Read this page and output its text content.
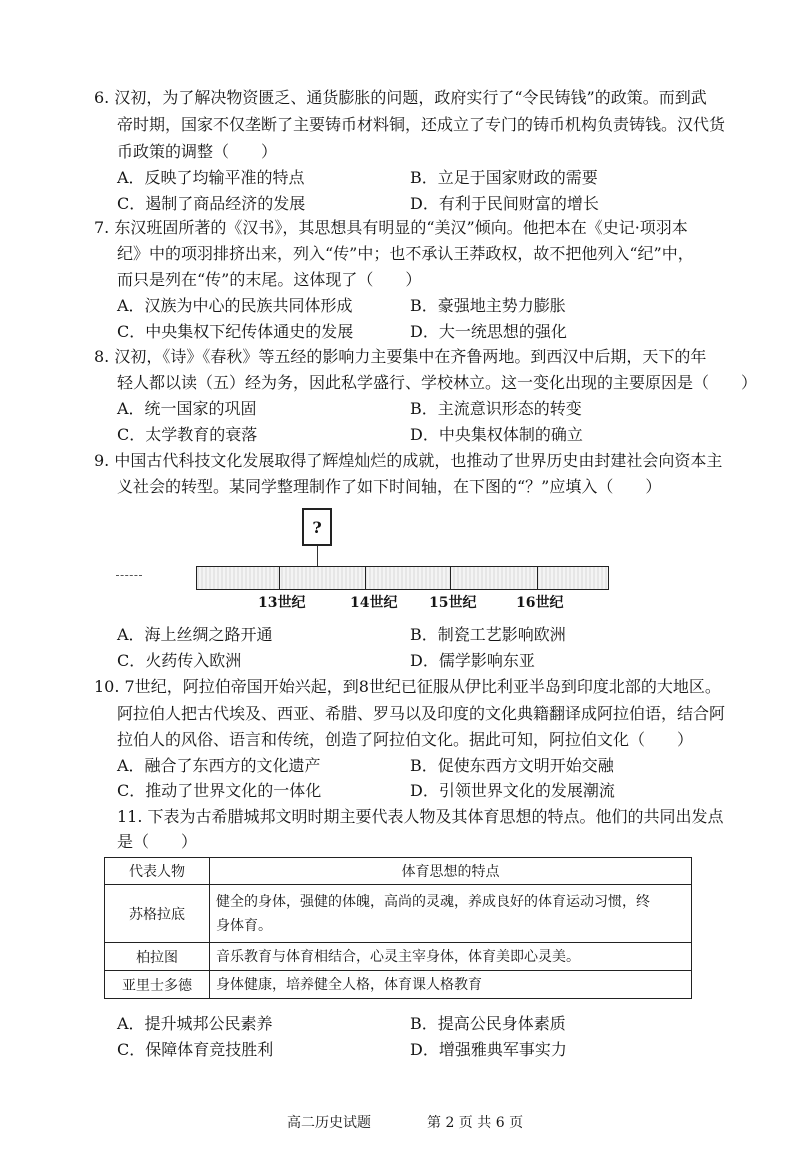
6. 汉初，为了解决物资匮乏、通货膨胀的问题，政府实行了“令民铸钱”的政策。而到武
帝时期，国家不仅垄断了主要铸币材料铜，还成立了专门的铸币机构负责铸钱。汉代货
币政策的调整（　　）
A．反映了均输平准的特点	B．立足于国家财政的需要
C．遏制了商品经济的发展	D．有利于民间财富的增长
7. 东汉班固所著的《汉书》，其思想具有明显的“美汉”倾向。他把本在《史记·项羽本
纪》中的项羽排挤出来，列入“传”中；也不承认王莽政权，故不把他列入“纪”中，
而只是列在“传”的末尾。这体现了（　　）
A．汉族为中心的民族共同体形成	B．豪强地主势力膨胀
C．中央集权下纪传体通史的发展	D．大一统思想的强化
8. 汉初，《诗》《春秋》等五经的影响力主要集中在齐鲁两地。到西汉中后期，天下的年
轻人都以读（五）经为务，因此私学盛行、学校林立。这一变化出现的主要原因是（　　）
A．统一国家的巩固	B．主流意识形态的转变
C．太学教育的衰落	D．中央集权体制的确立
9. 中国古代科技文化发展取得了辉煌灿烂的成就，也推动了世界历史由封建社会向资本主
义社会的转型。某同学整理制作了如下时间轴，在下图的“？”应填入（　　）
?
13世纪	14世纪 15世纪	16世纪
A．海上丝绸之路开通	B．制瓷工艺影响欧洲
C．火药传入欧洲	D．儒学影响东亚
10. 7世纪，阿拉伯帝国开始兴起，到8世纪已征服从伊比利亚半岛到印度北部的大地区。
阿拉伯人把古代埃及、西亚、希腊、罗马以及印度的文化典籍翻译成阿拉伯语，结合阿
拉伯人的风俗、语言和传统，创造了阿拉伯文化。据此可知，阿拉伯文化（　　）
A．融合了东西方的文化遗产	B．促使东西方文明开始交融
C．推动了世界文化的一体化	D．引领世界文化的发展潮流
11. 下表为古希腊城邦文明时期主要代表人物及其体育思想的特点。他们的共同出发点
是（　　）
代表人物	体育思想的特点
苏格拉底	健全的身体，强健的体魄，高尚的灵魂，养成良好的体育运动习惯，终
身体育。

柏拉图	音乐教育与体育相结合，心灵主宰身体，体育美即心灵美。

亚里士多德	身体健康，培养健全人格，体育课人格教育
A．提升城邦公民素养	B．提高公民身体素质
C．保障体育竞技胜利	D．增强雅典军事实力
高二历史试题	第 2 页 共 6 页
